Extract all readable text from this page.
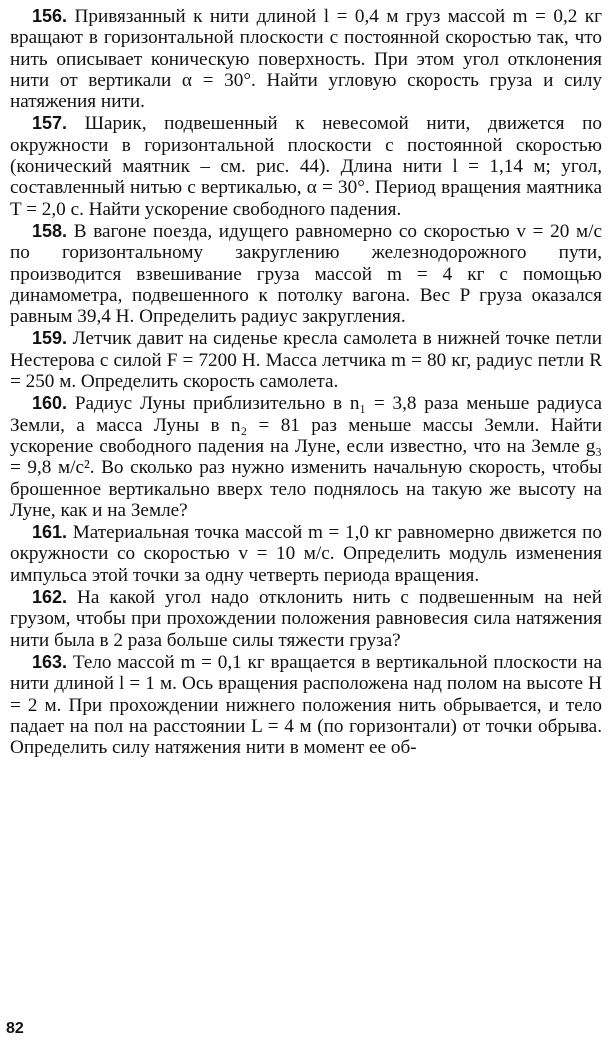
156. Привязанный к нити длиной l = 0,4 м груз массой m = 0,2 кг вращают в горизонтальной плоскости с постоянной скоростью так, что нить описывает коническую поверхность. При этом угол отклонения нити от вертикали α = 30°. Найти угловую скорость груза и силу натяжения нити.

157. Шарик, подвешенный к невесомой нити, движется по окружности в горизонтальной плоскости с постоянной скоростью (конический маятник – см. рис. 44). Длина нити l = 1,14 м; угол, составленный нитью с вертикалью, α = 30°. Период вращения маятника T = 2,0 с. Найти ускорение свободного падения.

158. В вагоне поезда, идущего равномерно со скоростью v = 20 м/с по горизонтальному закруглению железнодорожного пути, производится взвешивание груза массой m = 4 кг с помощью динамометра, подвешенного к потолку вагона. Вес P груза оказался равным 39,4 Н. Определить радиус закругления.

159. Летчик давит на сиденье кресла самолета в нижней точке петли Нестерова с силой F = 7200 Н. Масса летчика m = 80 кг, радиус петли R = 250 м. Определить скорость самолета.

160. Радиус Луны приблизительно в n₁ = 3,8 раза меньше радиуса Земли, а масса Луны в n₂ = 81 раз меньше массы Земли. Найти ускорение свободного падения на Луне, если известно, что на Земле g₃ = 9,8 м/с². Во сколько раз нужно изменить начальную скорость, чтобы брошенное вертикально вверх тело поднялось на такую же высоту на Луне, как и на Земле?

161. Материальная точка массой m = 1,0 кг равномерно движется по окружности со скоростью v = 10 м/с. Определить модуль изменения импульса этой точки за одну четверть периода вращения.

162. На какой угол надо отклонить нить с подвешенным на ней грузом, чтобы при прохождении положения равновесия сила натяжения нити была в 2 раза больше силы тяжести груза?

163. Тело массой m = 0,1 кг вращается в вертикальной плоскости на нити длиной l = 1 м. Ось вращения расположена над полом на высоте H = 2 м. При прохождении нижнего положения нить обрывается, и тело падает на пол на расстоянии L = 4 м (по горизонтали) от точки обрыва. Определить силу натяжения нити в момент ее об-

82
